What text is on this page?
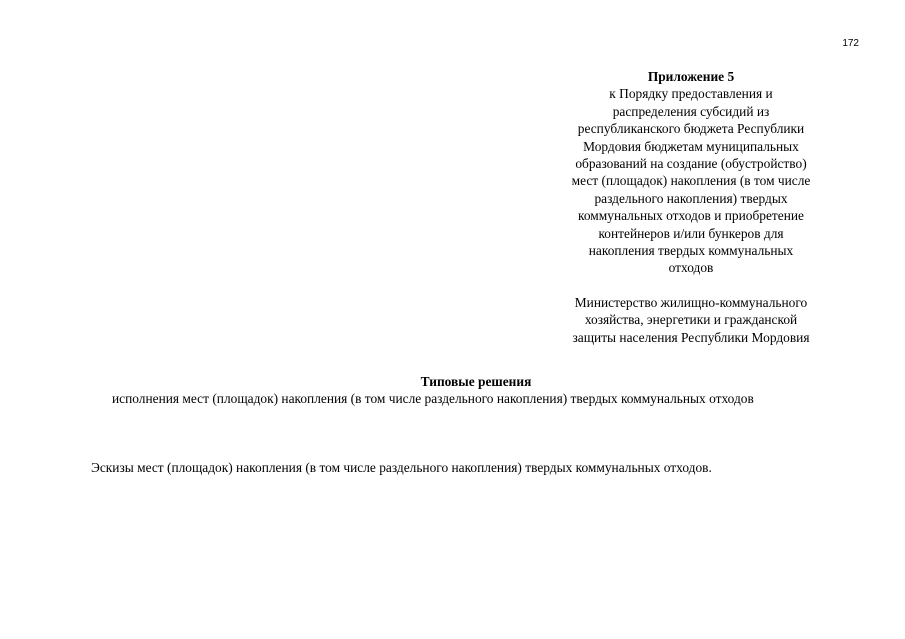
172
Приложение 5
к Порядку предоставления и
распределения субсидий из
республиканского бюджета Республики
Мордовия бюджетам муниципальных
образований на создание (обустройство)
мест (площадок) накопления (в том числе
раздельного накопления) твердых
коммунальных отходов и приобретение
контейнеров и/или бункеров для
накопления твердых коммунальных
отходов
Министерство жилищно-коммунального
хозяйства, энергетики и гражданской
защиты населения Республики Мордовия
Типовые решения
исполнения мест (площадок) накопления (в том числе раздельного накопления) твердых коммунальных отходов
Эскизы мест (площадок) накопления (в том числе раздельного накопления) твердых коммунальных отходов.
